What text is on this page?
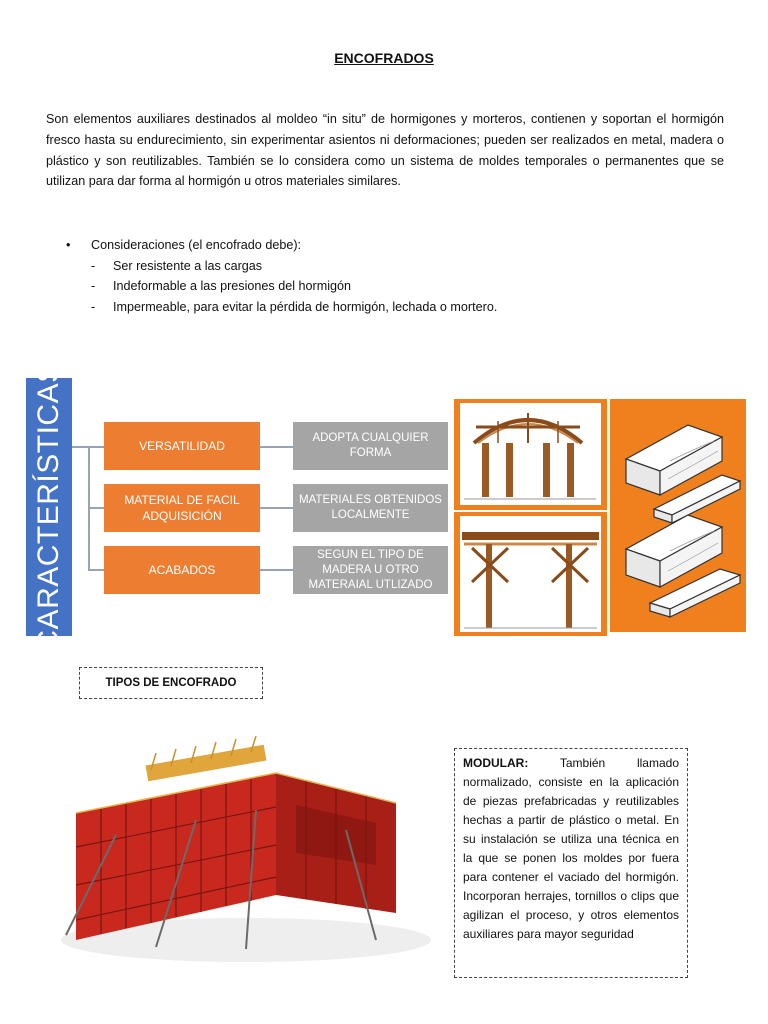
ENCOFRADOS

Son elementos auxiliares destinados al moldeo “in situ” de hormigones y morteros, contienen y soportan el hormigón fresco hasta su endurecimiento, sin experimentar asientos ni deformaciones; pueden ser realizados en metal, madera o plástico y son reutilizables. También se lo considera como un sistema de moldes temporales o permanentes que se utilizan para dar forma al hormigón u otros materiales similares.

•	Consideraciones (el encofrado debe):
-	Ser resistente a las cargas
-	Indeformable a las presiones del hormigón
-	Impermeable, para evitar la pérdida de hormigón, lechada o mortero.
CARACTERÍSTICAS	VERSATILIDAD
MATERIAL DE FACIL ADQUISICIÓN
ACABADOS
ADOPTA CUALQUIER FORMA
MATERIALES OBTENIDOS LOCALMENTE
SEGUN EL TIPO DE MADERA U OTRO MATERAIAL UTLIZADO
TIPOS DE ENCOFRADO
MODULAR:	También llamado normalizado, consiste en la aplicación de piezas prefabricadas y reutilizables hechas a partir de plástico o metal. En su instalación se utiliza una técnica en la que se ponen los moldes por fuera para contener el vaciado del hormigón. Incorporan herrajes, tornillos o clips que agilizan el proceso, y otros elementos auxiliares para mayor seguridad
